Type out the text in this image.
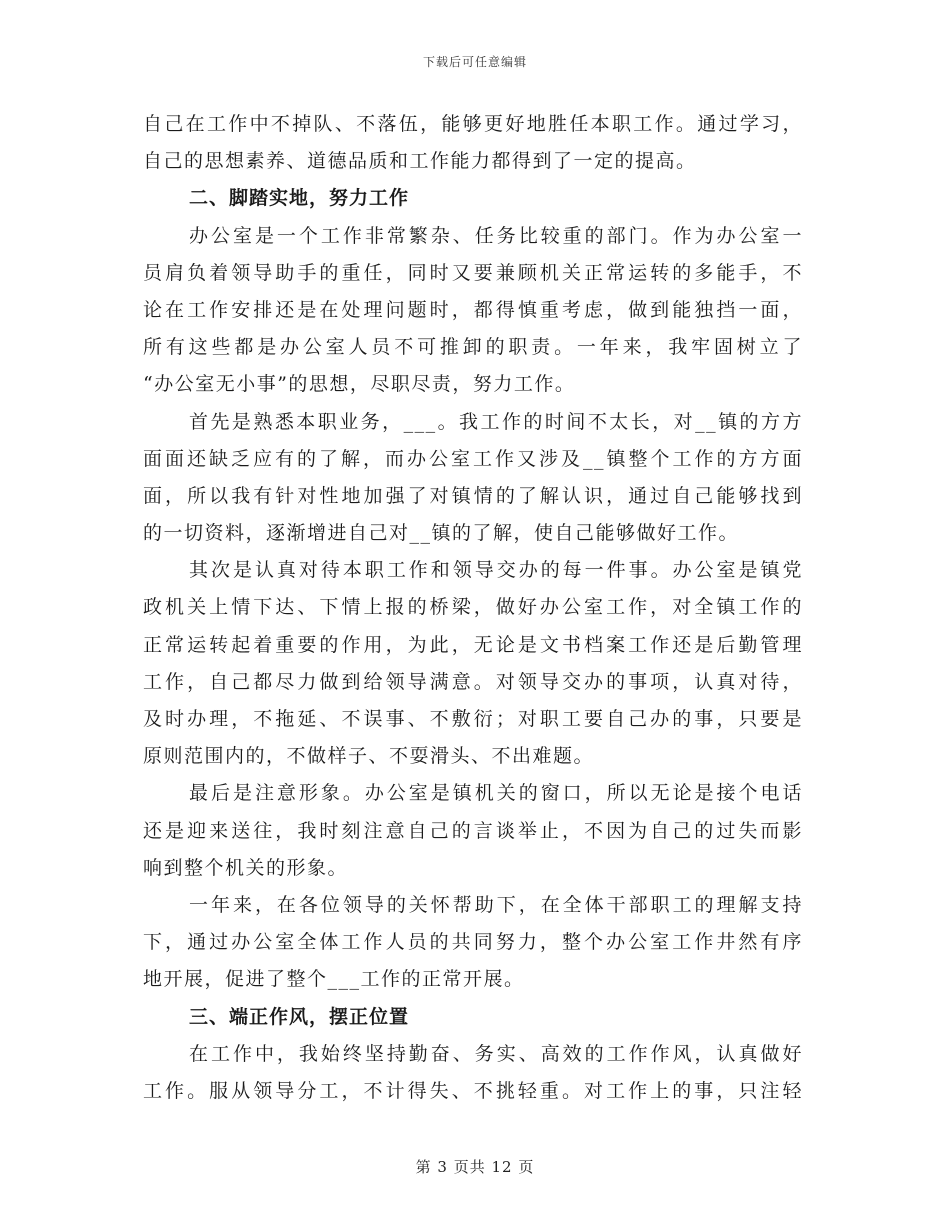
下载后可任意编辑
自己在工作中不掉队、不落伍，能够更好地胜任本职工作。通过学习，
自己的思想素养、道德品质和工作能力都得到了一定的提高。
二、脚踏实地，努力工作
办公室是一个工作非常繁杂、任务比较重的部门。作为办公室一
员肩负着领导助手的重任，同时又要兼顾机关正常运转的多能手，不
论在工作安排还是在处理问题时，都得慎重考虑，做到能独挡一面，
所有这些都是办公室人员不可推卸的职责。一年来，我牢固树立了
“办公室无小事”的思想，尽职尽责，努力工作。
首先是熟悉本职业务，___。我工作的时间不太长，对__镇的方方
面面还缺乏应有的了解，而办公室工作又涉及__镇整个工作的方方面
面，所以我有针对性地加强了对镇情的了解认识，通过自己能够找到
的一切资料，逐渐增进自己对__镇的了解，使自己能够做好工作。
其次是认真对待本职工作和领导交办的每一件事。办公室是镇党
政机关上情下达、下情上报的桥梁，做好办公室工作，对全镇工作的
正常运转起着重要的作用，为此，无论是文书档案工作还是后勤管理
工作，自己都尽力做到给领导满意。对领导交办的事项，认真对待，
及时办理，不拖延、不误事、不敷衍；对职工要自己办的事，只要是
原则范围内的，不做样子、不耍滑头、不出难题。
最后是注意形象。办公室是镇机关的窗口，所以无论是接个电话
还是迎来送往，我时刻注意自己的言谈举止，不因为自己的过失而影
响到整个机关的形象。
一年来，在各位领导的关怀帮助下，在全体干部职工的理解支持
下，通过办公室全体工作人员的共同努力，整个办公室工作井然有序
地开展，促进了整个___工作的正常开展。
三、端正作风，摆正位置
在工作中，我始终坚持勤奋、务实、高效的工作作风，认真做好
工作。服从领导分工，不计得失、不挑轻重。对工作上的事，只注轻
第 3 页共 12 页
